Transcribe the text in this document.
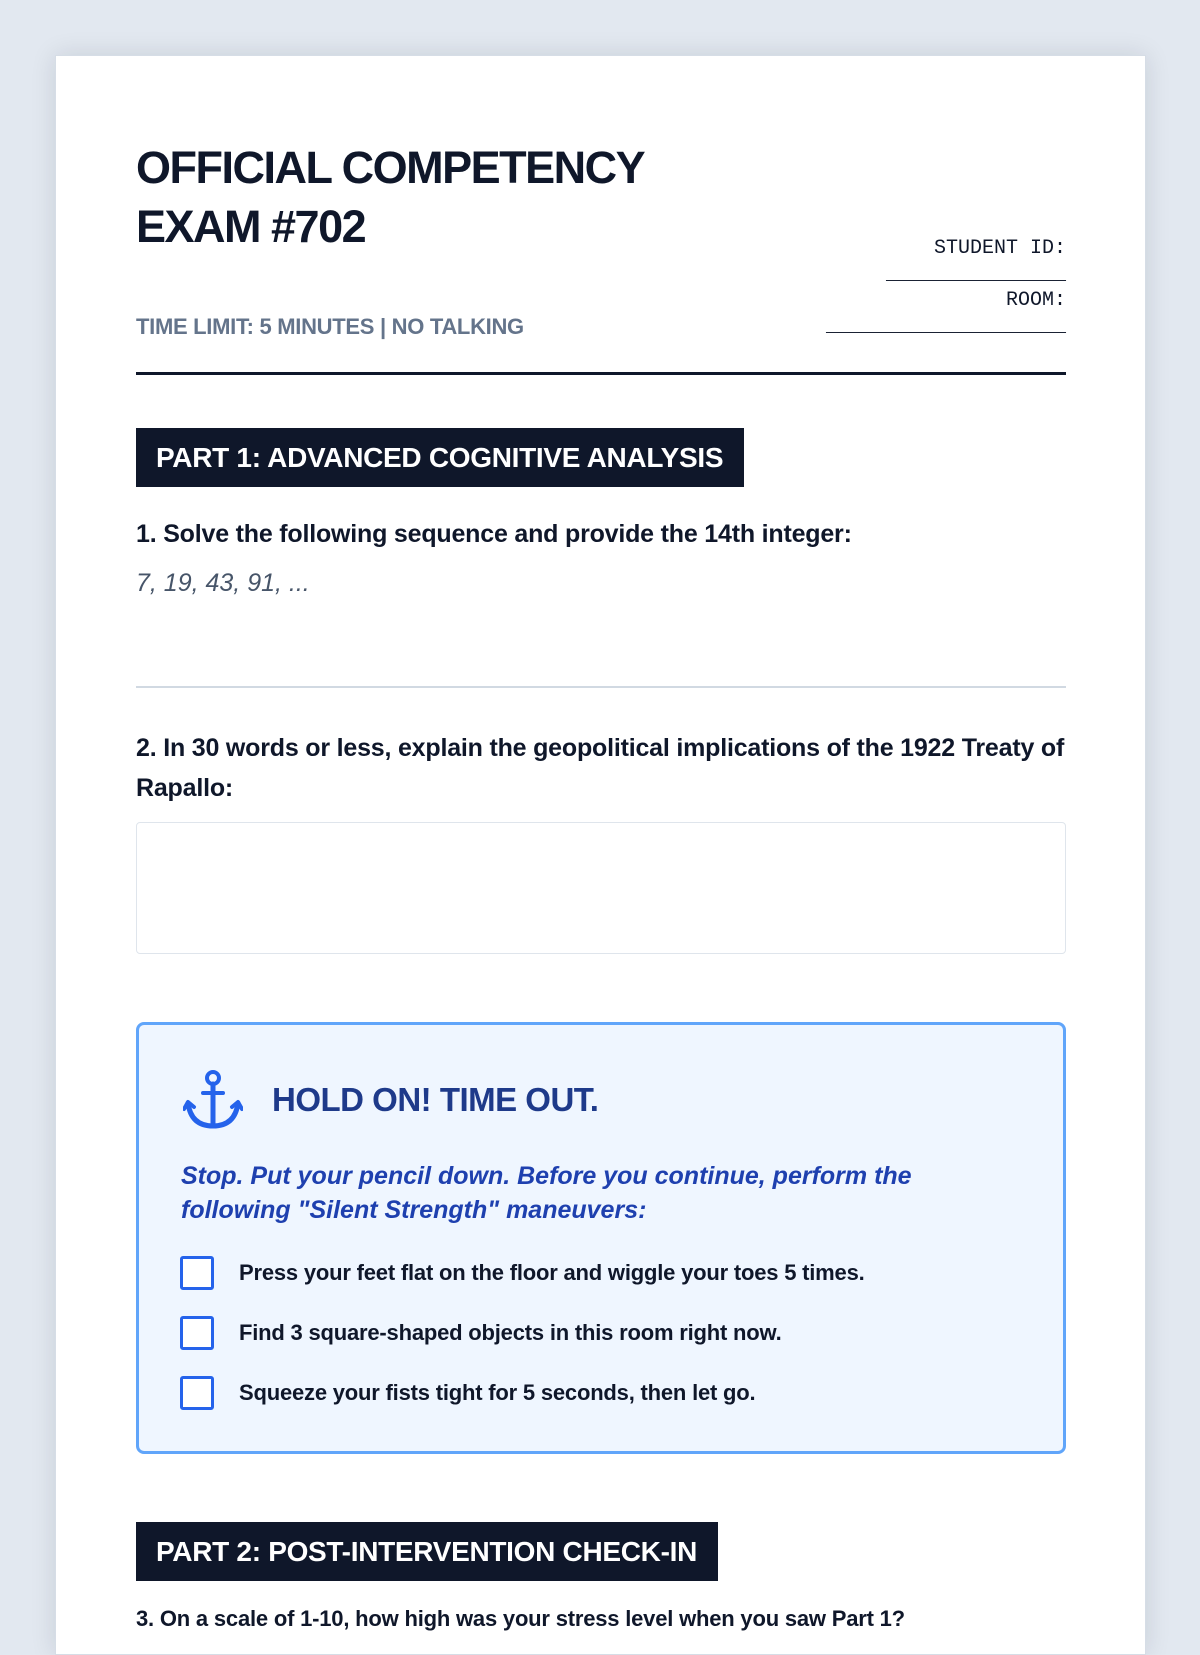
OFFICIAL COMPETENCY EXAM #702
TIME LIMIT: 5 MINUTES | NO TALKING
STUDENT ID:
_______________
ROOM:
____________________
PART 1: ADVANCED COGNITIVE ANALYSIS
1. Solve the following sequence and provide the 14th integer:
7, 19, 43, 91, ...
2. In 30 words or less, explain the geopolitical implications of the 1922 Treaty of Rapallo:
HOLD ON! TIME OUT.
Stop. Put your pencil down. Before you continue, perform the following "Silent Strength" maneuvers:
Press your feet flat on the floor and wiggle your toes 5 times.
Find 3 square-shaped objects in this room right now.
Squeeze your fists tight for 5 seconds, then let go.
PART 2: POST-INTERVENTION CHECK-IN
3. On a scale of 1-10, how high was your stress level when you saw Part 1?
